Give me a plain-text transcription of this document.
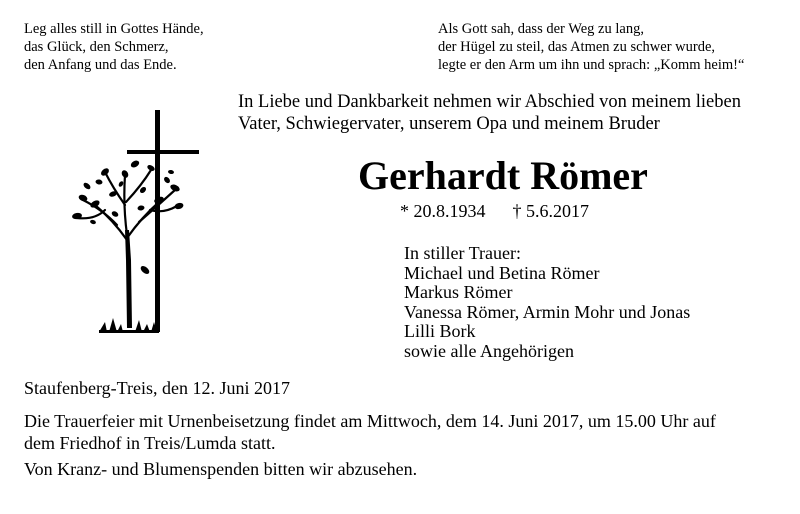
Leg alles still in Gottes Hände,
das Glück, den Schmerz,
den Anfang und das Ende.
Als Gott sah, dass der Weg zu lang,
der Hügel zu steil, das Atmen zu schwer wurde,
legte er den Arm um ihn und sprach: „Komm heim!“
In Liebe und Dankbarkeit nehmen wir Abschied von meinem lieben
Vater, Schwiegervater, unserem Opa und meinem Bruder
Gerhardt Römer
* 20.8.1934 † 5.6.2017
In stiller Trauer:
Michael und Betina Römer
Markus Römer
Vanessa Römer, Armin Mohr und Jonas
Lilli Bork
sowie alle Angehörigen
Staufenberg-Treis, den 12. Juni 2017
Die Trauerfeier mit Urnenbeisetzung findet am Mittwoch, dem 14. Juni 2017, um 15.00 Uhr auf
dem Friedhof in Treis/Lumda statt.
Von Kranz- und Blumenspenden bitten wir abzusehen.
